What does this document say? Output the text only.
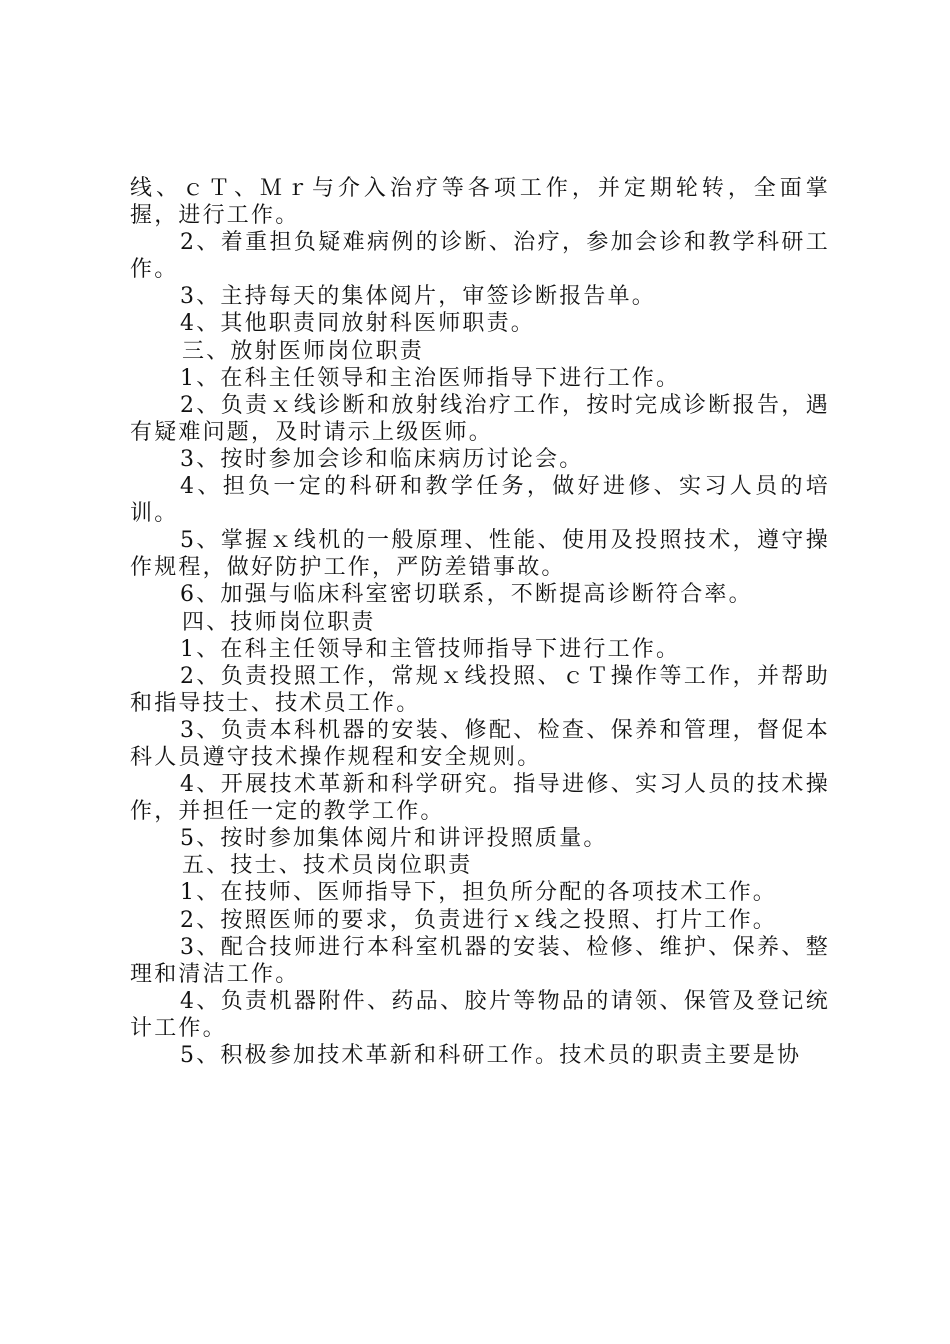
线、ｃＴ、Ｍｒ与介入治疗等各项工作，并定期轮转，全面掌握，进行工作。

2、着重担负疑难病例的诊断、治疗，参加会诊和教学科研工作。

3、主持每天的集体阅片，审签诊断报告单。

4、其他职责同放射科医师职责。

三、放射医师岗位职责

1、在科主任领导和主治医师指导下进行工作。

2、负责ｘ线诊断和放射线治疗工作，按时完成诊断报告，遇有疑难问题，及时请示上级医师。

3、按时参加会诊和临床病历讨论会。

4、担负一定的科研和教学任务，做好进修、实习人员的培训。

5、掌握ｘ线机的一般原理、性能、使用及投照技术，遵守操作规程，做好防护工作，严防差错事故。

6、加强与临床科室密切联系，不断提高诊断符合率。

四、技师岗位职责

1、在科主任领导和主管技师指导下进行工作。

2、负责投照工作，常规ｘ线投照、ｃＴ操作等工作，并帮助和指导技士、技术员工作。

3、负责本科机器的安装、修配、检查、保养和管理，督促本科人员遵守技术操作规程和安全规则。

4、开展技术革新和科学研究。指导进修、实习人员的技术操作，并担任一定的教学工作。

5、按时参加集体阅片和讲评投照质量。

五、技士、技术员岗位职责

1、在技师、医师指导下，担负所分配的各项技术工作。

2、按照医师的要求，负责进行ｘ线之投照、打片工作。

3、配合技师进行本科室机器的安装、检修、维护、保养、整理和清洁工作。

4、负责机器附件、药品、胶片等物品的请领、保管及登记统计工作。

5、积极参加技术革新和科研工作。技术员的职责主要是协
